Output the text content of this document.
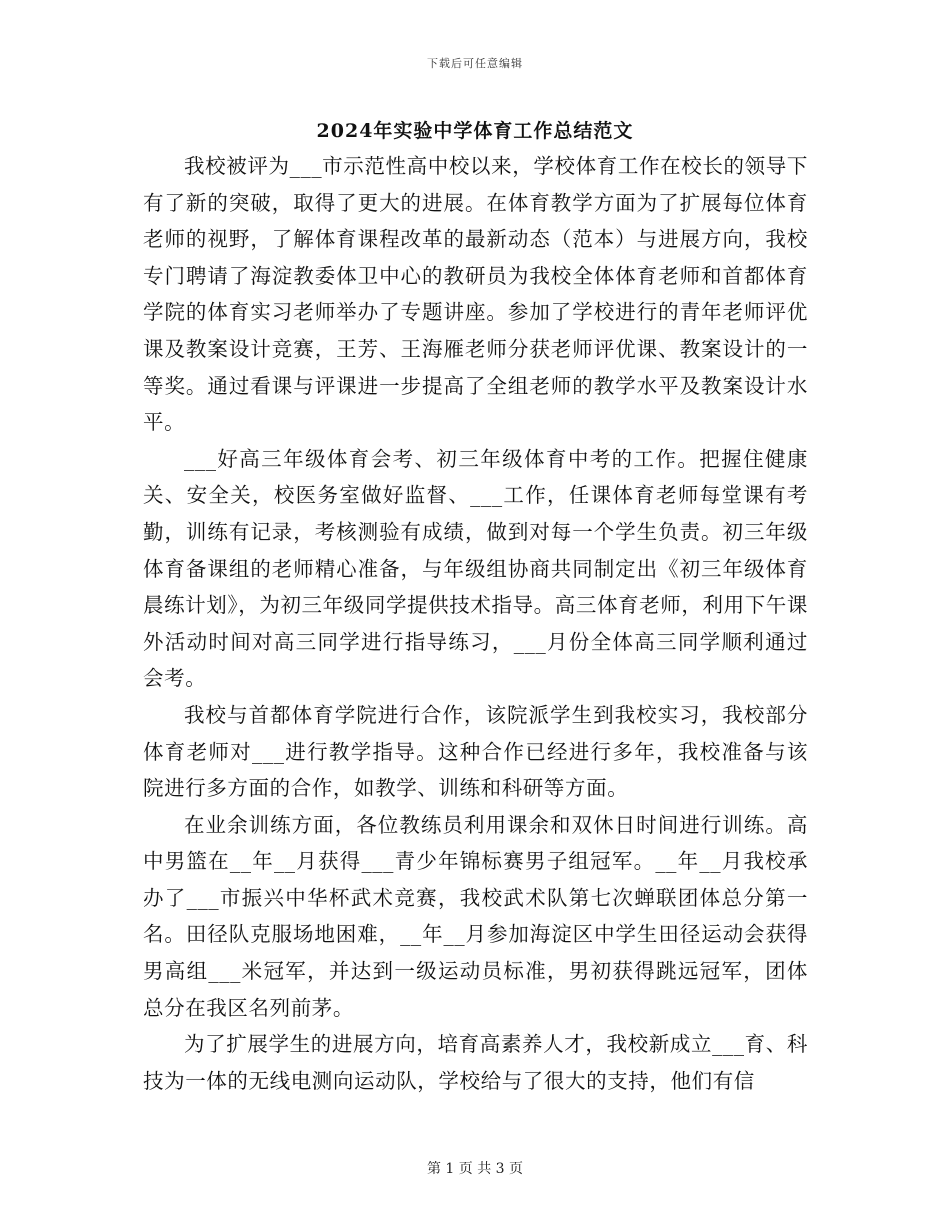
下载后可任意编辑
2024年实验中学体育工作总结范文

我校被评为___市示范性高中校以来，学校体育工作在校长的领导下有了新的突破，取得了更大的进展。在体育教学方面为了扩展每位体育老师的视野，了解体育课程改革的最新动态（范本）与进展方向，我校专门聘请了海淀教委体卫中心的教研员为我校全体体育老师和首都体育学院的体育实习老师举办了专题讲座。参加了学校进行的青年老师评优课及教案设计竞赛，王芳、王海雁老师分获老师评优课、教案设计的一等奖。通过看课与评课进一步提高了全组老师的教学水平及教案设计水平。

___好高三年级体育会考、初三年级体育中考的工作。把握住健康关、安全关，校医务室做好监督、___工作，任课体育老师每堂课有考勤，训练有记录，考核测验有成绩，做到对每一个学生负责。初三年级体育备课组的老师精心准备，与年级组协商共同制定出《初三年级体育晨练计划》，为初三年级同学提供技术指导。高三体育老师，利用下午课外活动时间对高三同学进行指导练习，___月份全体高三同学顺利通过会考。

我校与首都体育学院进行合作，该院派学生到我校实习，我校部分体育老师对___进行教学指导。这种合作已经进行多年，我校准备与该院进行多方面的合作，如教学、训练和科研等方面。

在业余训练方面，各位教练员利用课余和双休日时间进行训练。高中男篮在__年__月获得___青少年锦标赛男子组冠军。__年__月我校承办了___市振兴中华杯武术竞赛，我校武术队第七次蝉联团体总分第一名。田径队克服场地困难，__年__月参加海淀区中学生田径运动会获得男高组___米冠军，并达到一级运动员标准，男初获得跳远冠军，团体总分在我区名列前茅。

为了扩展学生的进展方向，培育高素养人才，我校新成立___育、科技为一体的无线电测向运动队，学校给与了很大的支持，他们有信

第 1 页 共 3 页
